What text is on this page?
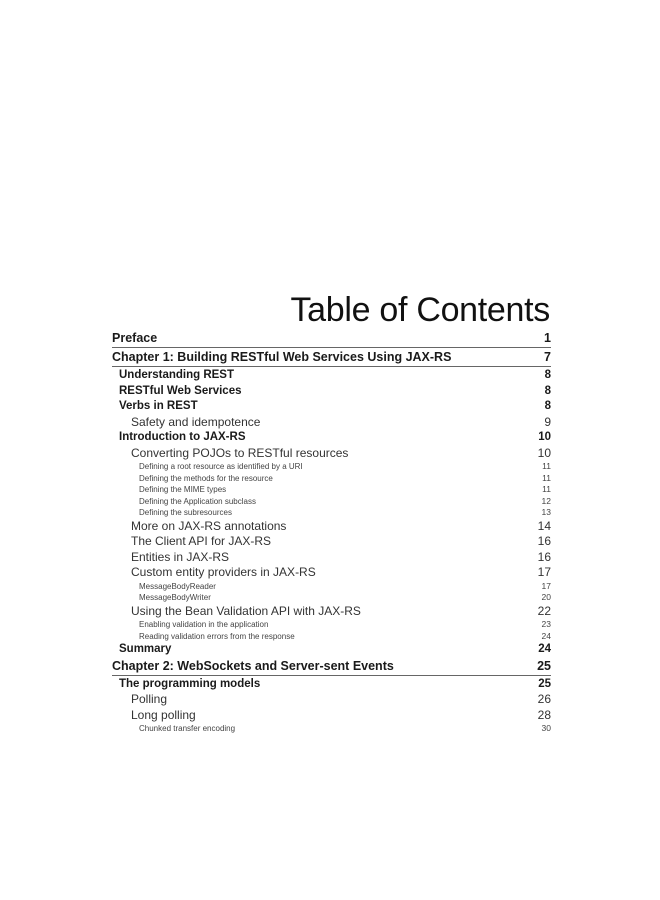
Table of Contents
Preface	1
Chapter 1: Building RESTful Web Services Using JAX-RS	7
Understanding REST	8
RESTful Web Services	8
Verbs in REST	8
Safety and idempotence	9
Introduction to JAX-RS	10
Converting POJOs to RESTful resources	10
Defining a root resource as identified by a URI	11
Defining the methods for the resource	11
Defining the MIME types	11
Defining the Application subclass	12
Defining the subresources	13
More on JAX-RS annotations	14
The Client API for JAX-RS	16
Entities in JAX-RS	16
Custom entity providers in JAX-RS	17
MessageBodyReader	17
MessageBodyWriter	20
Using the Bean Validation API with JAX-RS	22
Enabling validation in the application	23
Reading validation errors from the response	24
Summary	24
Chapter 2: WebSockets and Server-sent Events	25
The programming models	25
Polling	26
Long polling	28
Chunked transfer encoding	30
